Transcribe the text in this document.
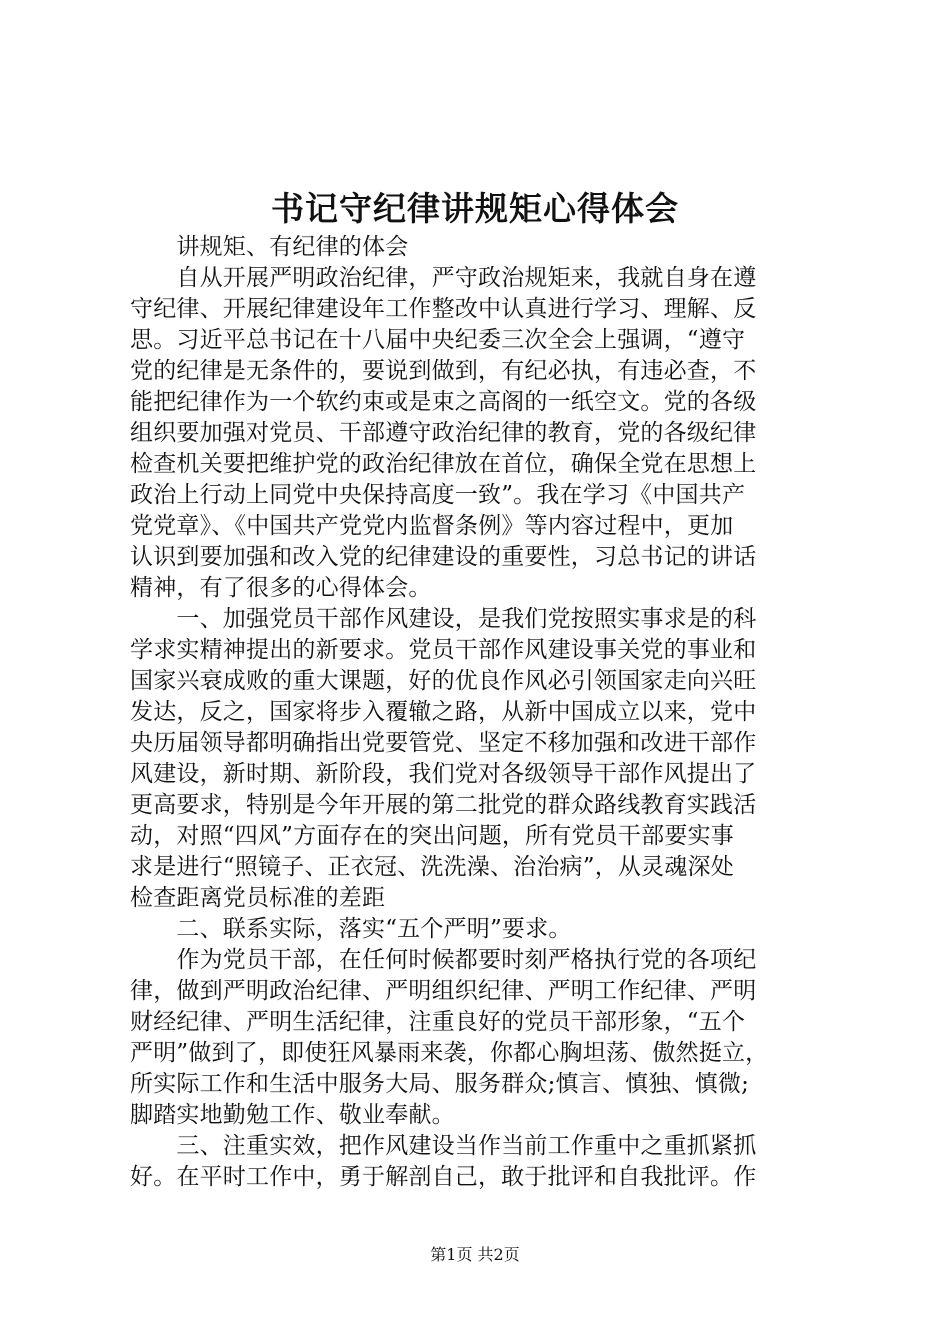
书记守纪律讲规矩心得体会
　　讲规矩、有纪律的体会
　　自从开展严明政治纪律，严守政治规矩来，我就自身在遵
守纪律、开展纪律建设年工作整改中认真进行学习、理解、反
思。习近平总书记在十八届中央纪委三次全会上强调，“遵守
党的纪律是无条件的，要说到做到，有纪必执，有违必查，不
能把纪律作为一个软约束或是束之高阁的一纸空文。党的各级
组织要加强对党员、干部遵守政治纪律的教育，党的各级纪律
检查机关要把维护党的政治纪律放在首位，确保全党在思想上
政治上行动上同党中央保持高度一致”。我在学习《中国共产
党党章》、《中国共产党党内监督条例》等内容过程中，更加
认识到要加强和改入党的纪律建设的重要性，习总书记的讲话
精神，有了很多的心得体会。
　　一、加强党员干部作风建设，是我们党按照实事求是的科
学求实精神提出的新要求。党员干部作风建设事关党的事业和
国家兴衰成败的重大课题，好的优良作风必引领国家走向兴旺
发达，反之，国家将步入覆辙之路，从新中国成立以来，党中
央历届领导都明确指出党要管党、坚定不移加强和改进干部作
风建设，新时期、新阶段，我们党对各级领导干部作风提出了
更高要求，特别是今年开展的第二批党的群众路线教育实践活
动，对照“四风”方面存在的突出问题，所有党员干部要实事
求是进行“照镜子、正衣冠、洗洗澡、治治病”，从灵魂深处
检查距离党员标准的差距
　　二、联系实际，落实“五个严明”要求。
　　作为党员干部，在任何时候都要时刻严格执行党的各项纪
律，做到严明政治纪律、严明组织纪律、严明工作纪律、严明
财经纪律、严明生活纪律，注重良好的党员干部形象，“五个
严明”做到了，即使狂风暴雨来袭，你都心胸坦荡、傲然挺立，
所实际工作和生活中服务大局、服务群众;慎言、慎独、慎微;
脚踏实地勤勉工作、敬业奉献。
　　三、注重实效，把作风建设当作当前工作重中之重抓紧抓
好。在平时工作中，勇于解剖自己，敢于批评和自我批评。作
第1页 共2页
